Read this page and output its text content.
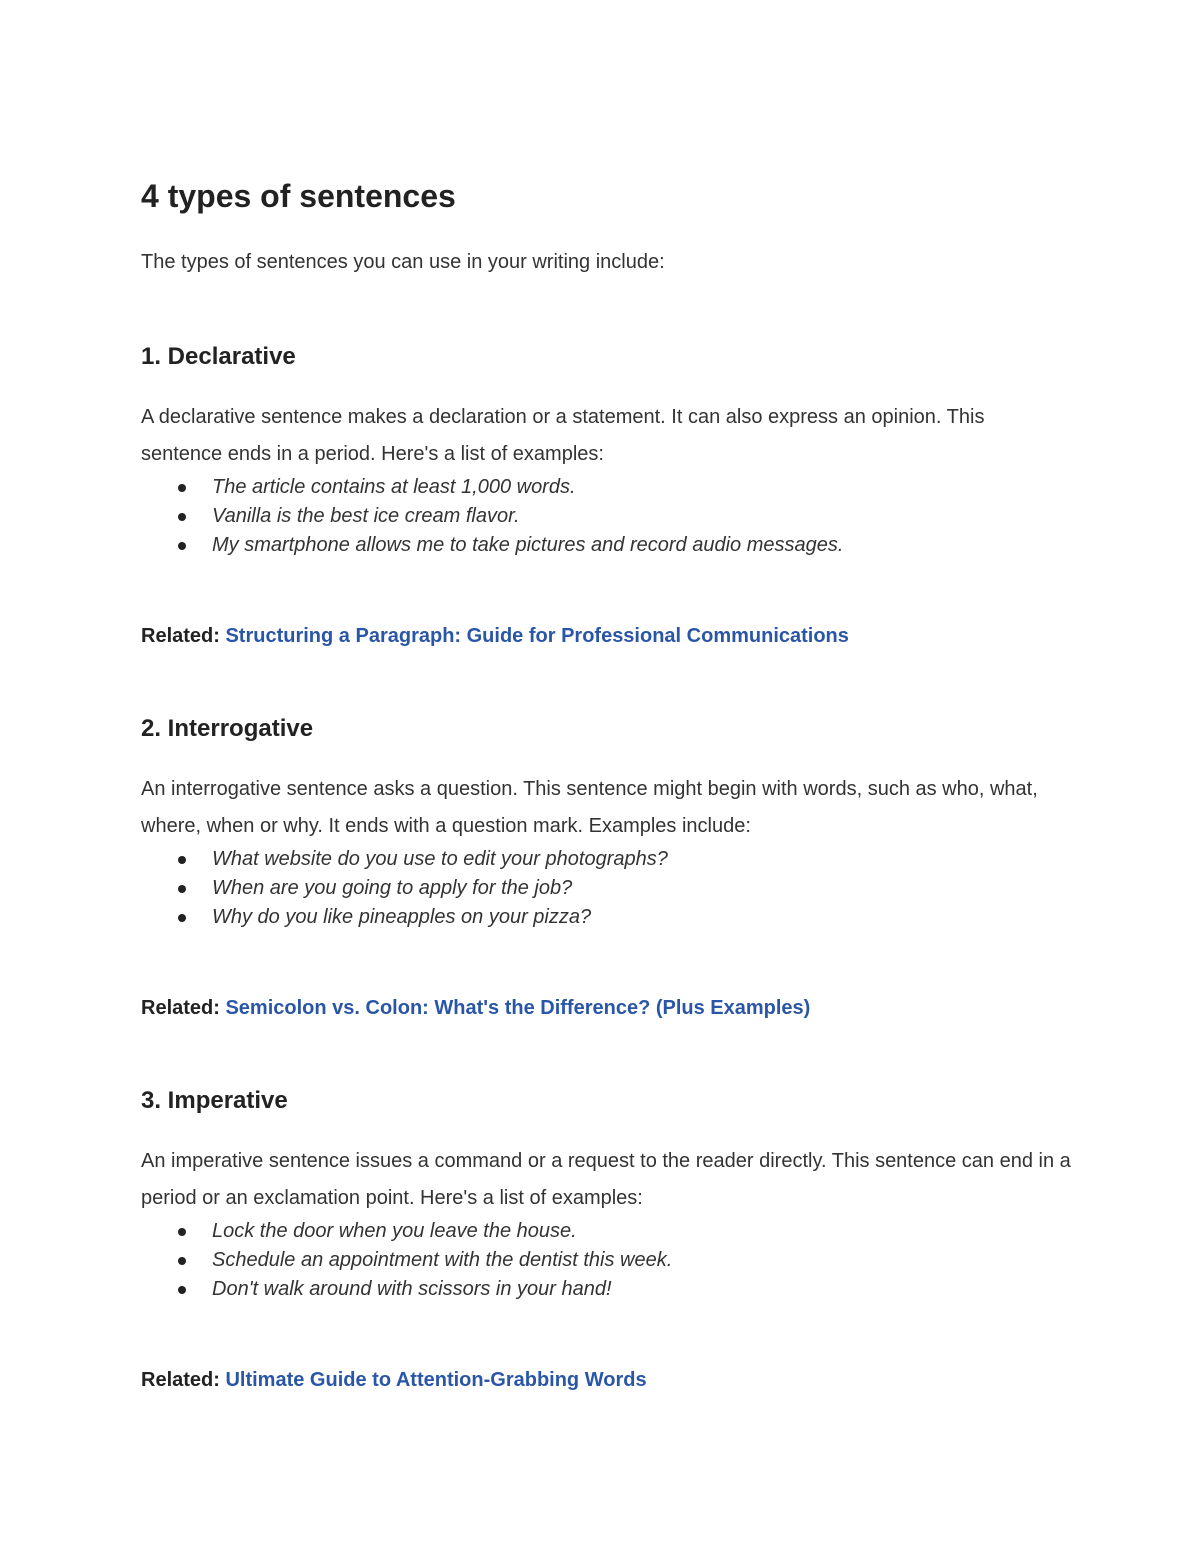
4 types of sentences

The types of sentences you can use in your writing include:

1. Declarative

A declarative sentence makes a declaration or a statement. It can also express an opinion. This sentence ends in a period. Here's a list of examples:

The article contains at least 1,000 words.
Vanilla is the best ice cream flavor.
My smartphone allows me to take pictures and record audio messages.

Related: Structuring a Paragraph: Guide for Professional Communications

2. Interrogative

An interrogative sentence asks a question. This sentence might begin with words, such as who, what, where, when or why. It ends with a question mark. Examples include:

What website do you use to edit your photographs?
When are you going to apply for the job?
Why do you like pineapples on your pizza?

Related: Semicolon vs. Colon: What's the Difference? (Plus Examples)

3. Imperative

An imperative sentence issues a command or a request to the reader directly. This sentence can end in a period or an exclamation point. Here's a list of examples:

Lock the door when you leave the house.
Schedule an appointment with the dentist this week.
Don't walk around with scissors in your hand!

Related: Ultimate Guide to Attention-Grabbing Words
